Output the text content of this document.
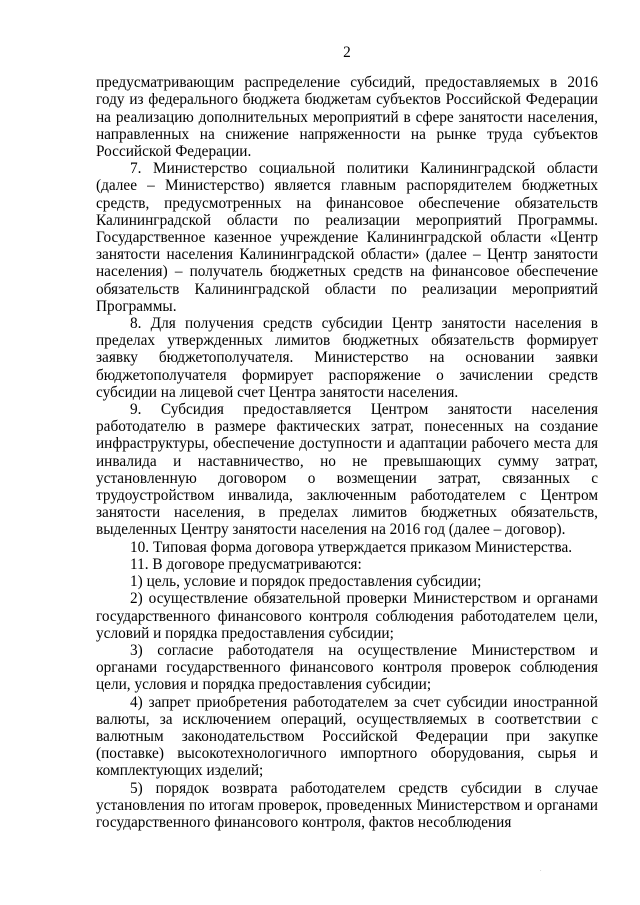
2

предусматривающим распределение субсидий, предоставляемых в 2016 году из федерального бюджета бюджетам субъектов Российской Федерации на реализацию дополнительных мероприятий в сфере занятости населения, направленных на снижение напряженности на рынке труда субъектов Российской Федерации.

7. Министерство социальной политики Калининградской области (далее – Министерство) является главным распорядителем бюджетных средств, предусмотренных на финансовое обеспечение обязательств Калининградской области по реализации мероприятий Программы. Государственное казенное учреждение Калининградской области «Центр занятости населения Калининградской области» (далее – Центр занятости населения) – получатель бюджетных средств на финансовое обеспечение обязательств Калининградской области по реализации мероприятий Программы.

8. Для получения средств субсидии Центр занятости населения в пределах утвержденных лимитов бюджетных обязательств формирует заявку бюджетополучателя. Министерство на основании заявки бюджетополучателя формирует распоряжение о зачислении средств субсидии на лицевой счет Центра занятости населения.

9. Субсидия предоставляется Центром занятости населения работодателю в размере фактических затрат, понесенных на создание инфраструктуры, обеспечение доступности и адаптации рабочего места для инвалида и наставничество, но не превышающих сумму затрат, установленную договором о возмещении затрат, связанных с трудоустройством инвалида, заключенным работодателем с Центром занятости населения, в пределах лимитов бюджетных обязательств, выделенных Центру занятости населения на 2016 год (далее – договор).

10. Типовая форма договора утверждается приказом Министерства.

11. В договоре предусматриваются:

1) цель, условие и порядок предоставления субсидии;

2) осуществление обязательной проверки Министерством и органами государственного финансового контроля соблюдения работодателем цели, условий и порядка предоставления субсидии;

3) согласие работодателя на осуществление Министерством и органами государственного финансового контроля проверок соблюдения цели, условия и порядка предоставления субсидии;

4) запрет приобретения работодателем за счет субсидии иностранной валюты, за исключением операций, осуществляемых в соответствии с валютным законодательством Российской Федерации при закупке (поставке) высокотехнологичного импортного оборудования, сырья и комплектующих изделий;

5) порядок возврата работодателем средств субсидии в случае установления по итогам проверок, проведенных Министерством и органами государственного финансового контроля, фактов несоблюдения

.
